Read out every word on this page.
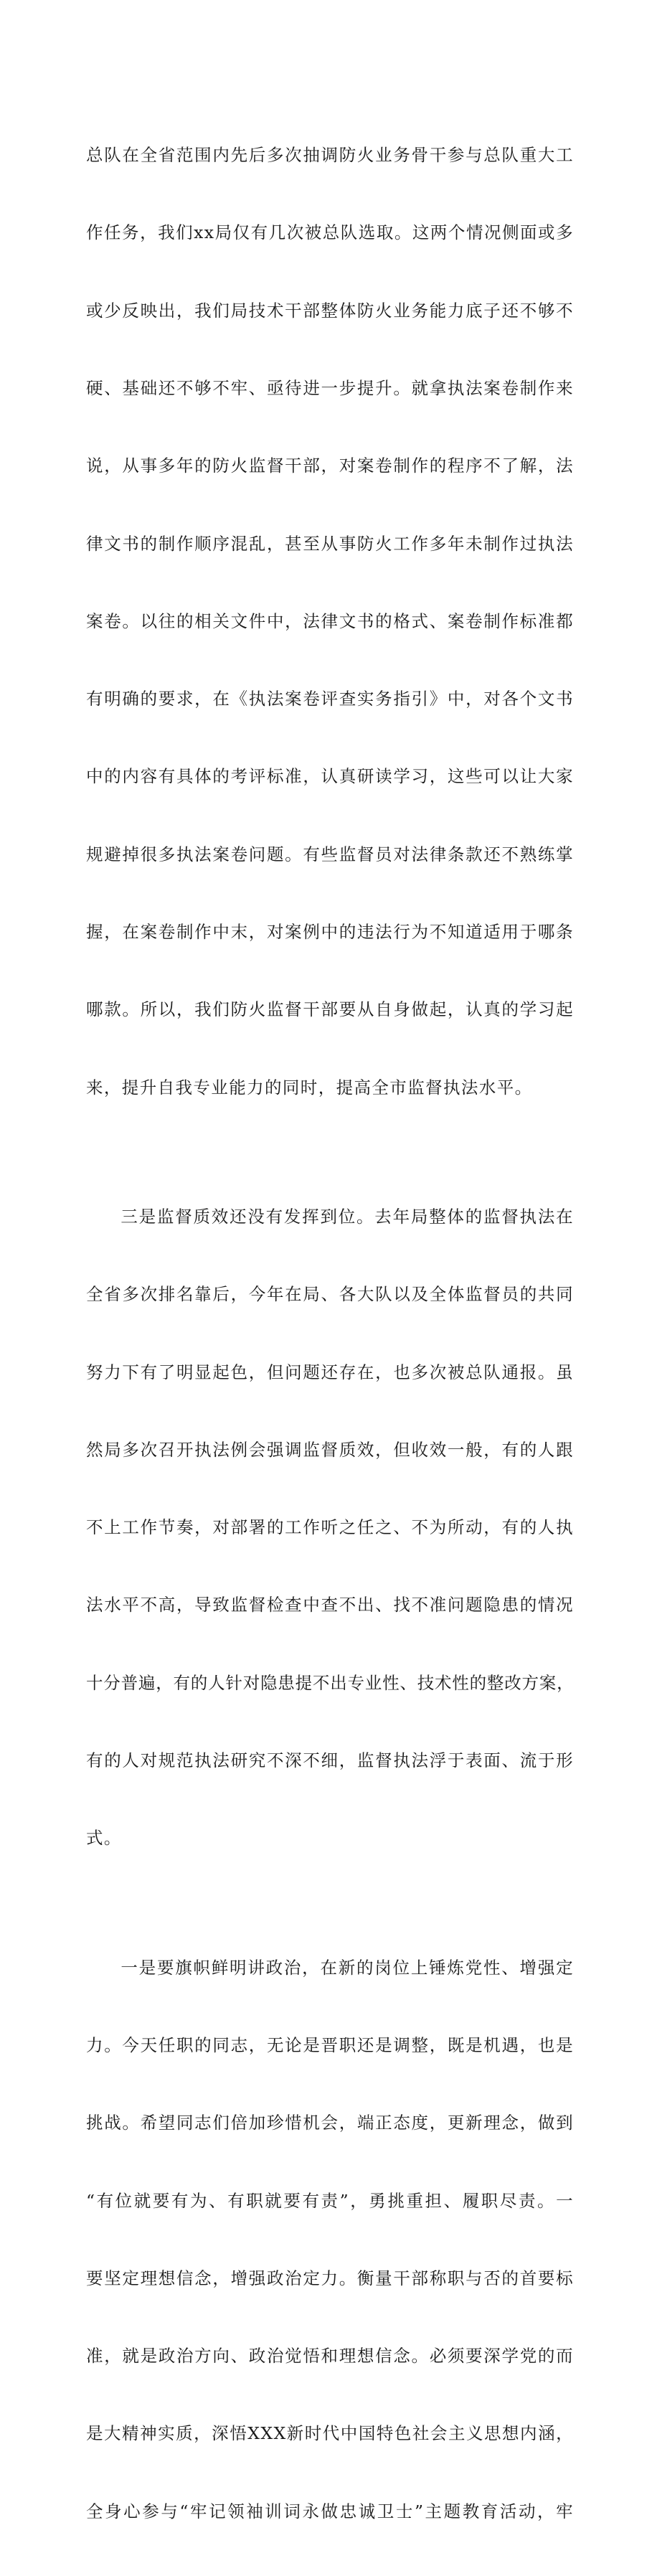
总队在全省范围内先后多次抽调防火业务骨干参与总队重大工

作任务，我们xx局仅有几次被总队选取。这两个情况侧面或多

或少反映出，我们局技术干部整体防火业务能力底子还不够不

硬、基础还不够不牢、亟待进一步提升。就拿执法案卷制作来

说，从事多年的防火监督干部，对案卷制作的程序不了解，法

律文书的制作顺序混乱，甚至从事防火工作多年未制作过执法

案卷。以往的相关文件中，法律文书的格式、案卷制作标准都

有明确的要求，在《执法案卷评查实务指引》中，对各个文书

中的内容有具体的考评标准，认真研读学习，这些可以让大家

规避掉很多执法案卷问题。有些监督员对法律条款还不熟练掌

握，在案卷制作中末，对案例中的违法行为不知道适用于哪条

哪款。所以，我们防火监督干部要从自身做起，认真的学习起

来，提升自我专业能力的同时，提高全市监督执法水平。

三是监督质效还没有发挥到位。去年局整体的监督执法在

全省多次排名靠后，今年在局、各大队以及全体监督员的共同

努力下有了明显起色，但问题还存在，也多次被总队通报。虽

然局多次召开执法例会强调监督质效，但收效一般，有的人跟

不上工作节奏，对部署的工作听之任之、不为所动，有的人执

法水平不高，导致监督检查中查不出、找不准问题隐患的情况

十分普遍，有的人针对隐患提不出专业性、技术性的整改方案，

有的人对规范执法研究不深不细，监督执法浮于表面、流于形

式。

一是要旗帜鲜明讲政治，在新的岗位上锤炼党性、增强定

力。今天任职的同志，无论是晋职还是调整，既是机遇，也是

挑战。希望同志们倍加珍惜机会，端正态度，更新理念，做到

“有位就要有为、有职就要有责”，勇挑重担、履职尽责。一

要坚定理想信念，增强政治定力。衡量干部称职与否的首要标

准，就是政治方向、政治觉悟和理想信念。必须要深学党的而

是大精神实质，深悟XXX新时代中国特色社会主义思想内涵，

全身心参与“牢记领袖训词永做忠诚卫士”主题教育活动，牢
